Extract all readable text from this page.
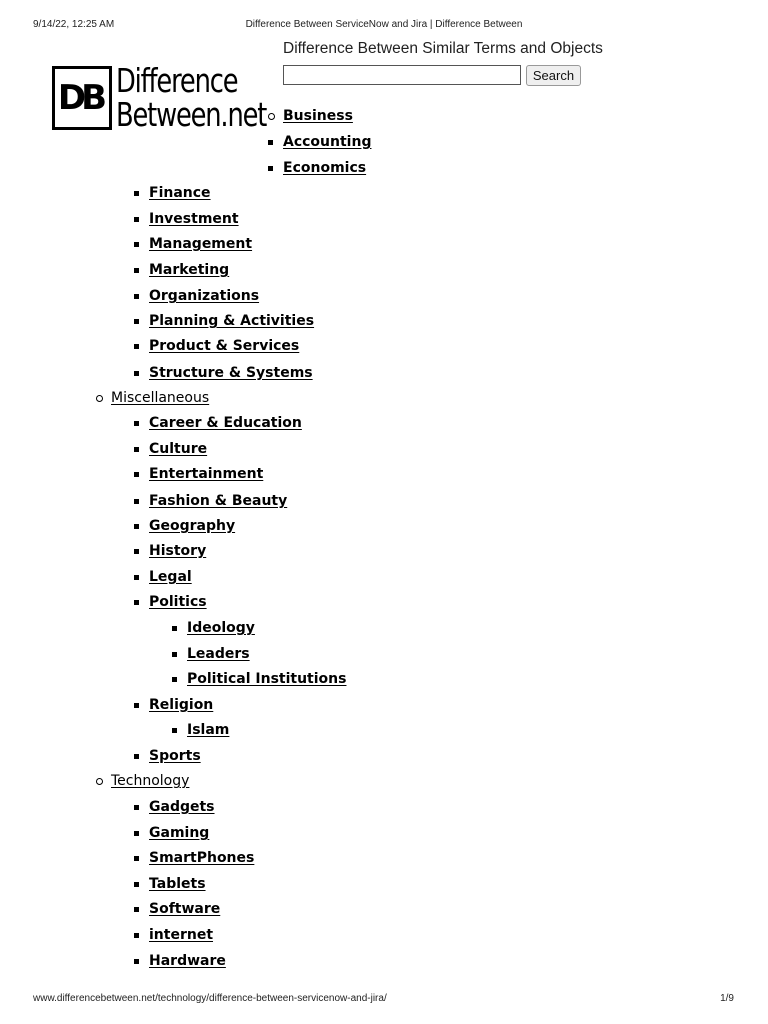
9/14/22, 12:25 AM	Difference Between ServiceNow and Jira | Difference Between
DB Difference
Between.net
Difference Between Similar Terms and Objects
Search
Business
Accounting
Economics
Finance
Investment
Management
Marketing
Organizations
Planning & Activities
Product & Services
Structure & Systems
Miscellaneous
Career & Education
Culture
Entertainment
Fashion & Beauty
Geography
History
Legal
Politics
Ideology
Leaders
Political Institutions
Religion
Islam
Sports
Technology
Gadgets
Gaming
SmartPhones
Tablets
Software
internet
Hardware
www.differencebetween.net/technology/difference-between-servicenow-and-jira/	1/9
